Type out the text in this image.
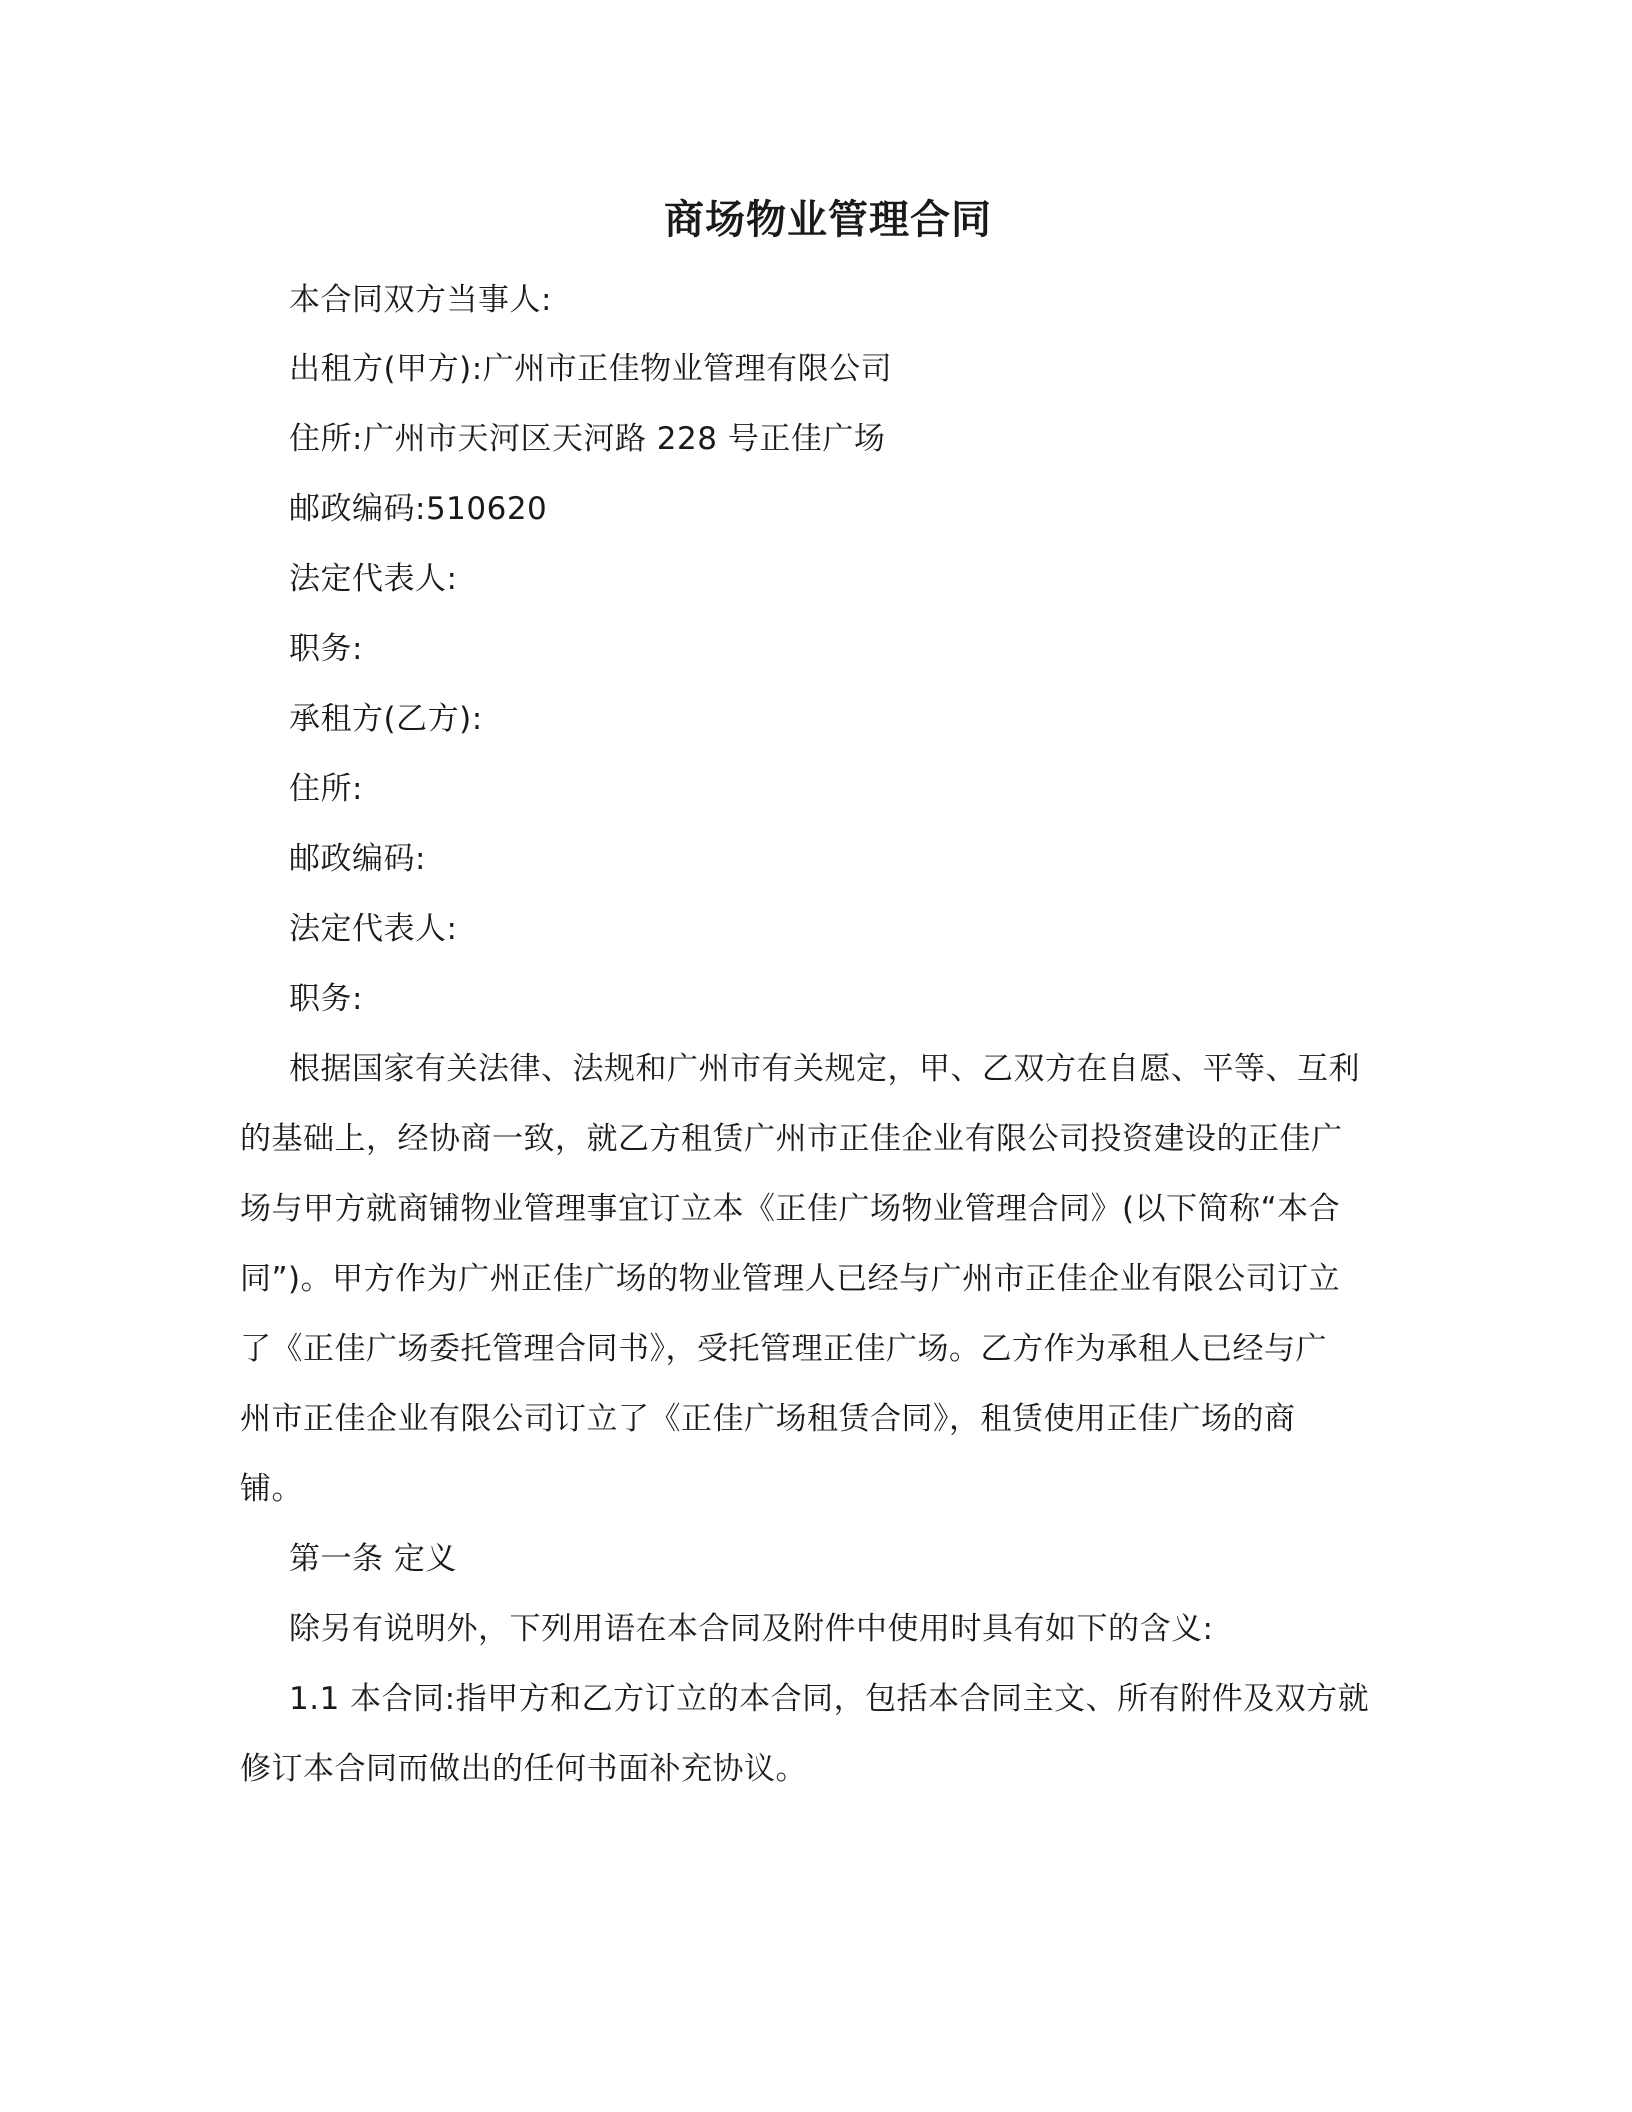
商场物业管理合同
本合同双方当事人:
出租方(甲方):广州市正佳物业管理有限公司
住所:广州市天河区天河路 228 号正佳广场
邮政编码:510620
法定代表人:
职务:
承租方(乙方):
住所:
邮政编码:
法定代表人:
职务:
根据国家有关法律、法规和广州市有关规定，甲、乙双方在自愿、平等、互利
的基础上，经协商一致，就乙方租赁广州市正佳企业有限公司投资建设的正佳广
场与甲方就商铺物业管理事宜订立本《正佳广场物业管理合同》(以下简称“本合
同”)。甲方作为广州正佳广场的物业管理人已经与广州市正佳企业有限公司订立
了《正佳广场委托管理合同书》，受托管理正佳广场。乙方作为承租人已经与广
州市正佳企业有限公司订立了《正佳广场租赁合同》，租赁使用正佳广场的商
铺。
第一条 定义
除另有说明外，下列用语在本合同及附件中使用时具有如下的含义:
1.1 本合同:指甲方和乙方订立的本合同，包括本合同主文、所有附件及双方就
修订本合同而做出的任何书面补充协议。
